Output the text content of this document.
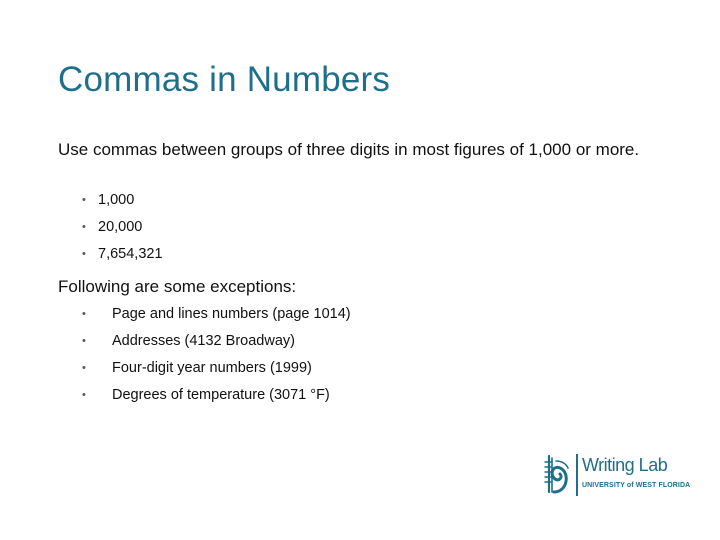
Commas in Numbers

Use commas between groups of three digits in most figures of 1,000 or more.

• 1,000
• 20,000
• 7,654,321

Following are some exceptions:

• Page and lines numbers (page 1014)
• Addresses (4132 Broadway)
• Four-digit year numbers (1999)
• Degrees of temperature (3071 °F)
Writing Lab
UNIVERSITY of WEST FLORIDA
